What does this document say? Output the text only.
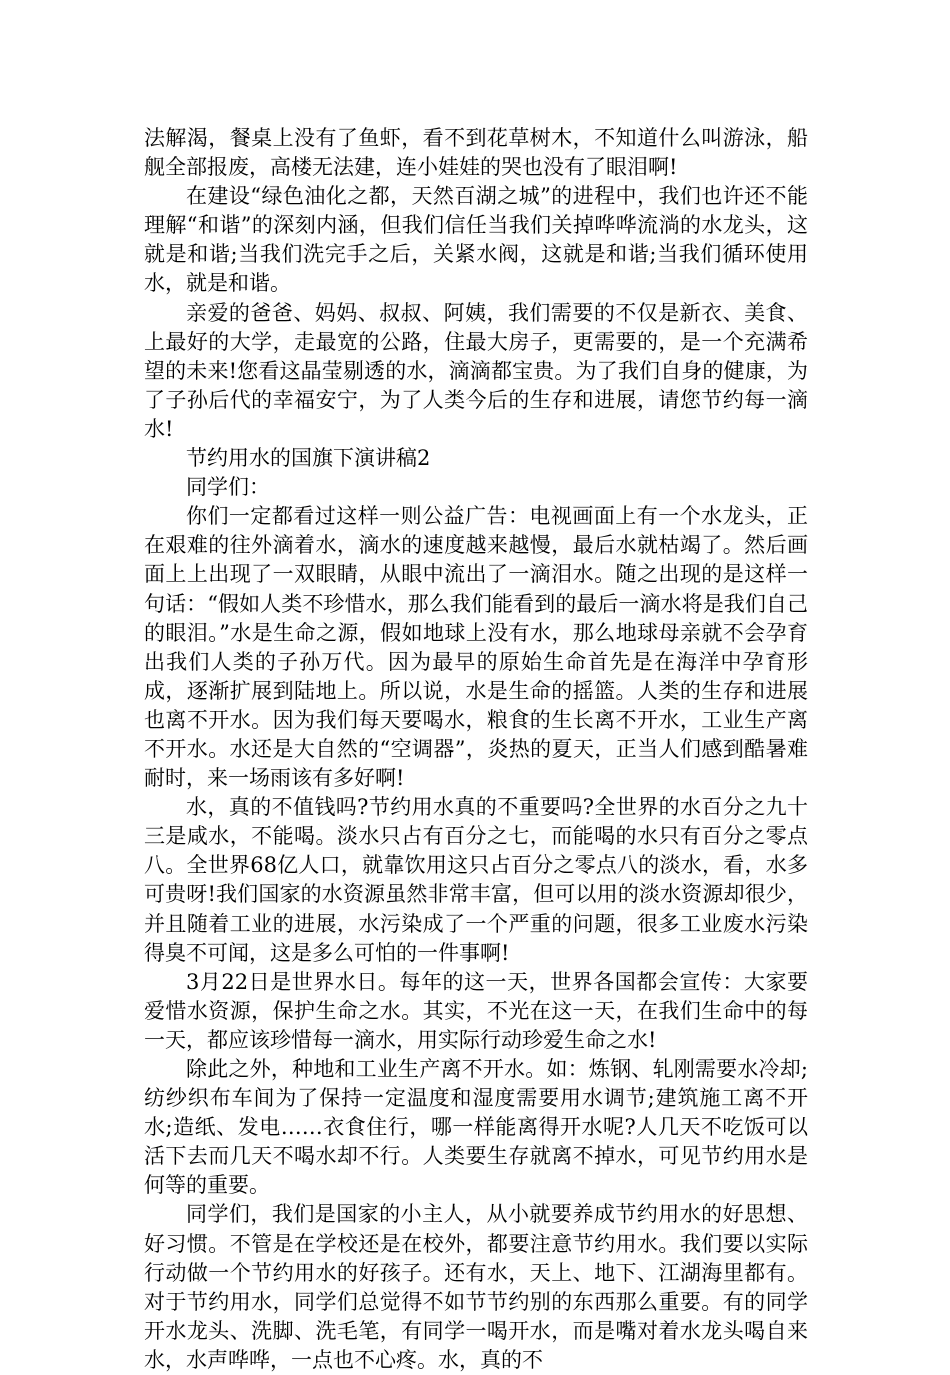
法解渴，餐桌上没有了鱼虾，看不到花草树木，不知道什么叫游泳，船舰全部报废，高楼无法建，连小娃娃的哭也没有了眼泪啊!

在建设“绿色油化之都，天然百湖之城”的进程中，我们也许还不能理解“和谐”的深刻内涵，但我们信任当我们关掉哗哗流淌的水龙头，这就是和谐;当我们洗完手之后，关紧水阀，这就是和谐;当我们循环使用水，就是和谐。

亲爱的爸爸、妈妈、叔叔、阿姨，我们需要的不仅是新衣、美食、上最好的大学，走最宽的公路，住最大房子，更需要的，是一个充满希望的未来!您看这晶莹剔透的水，滴滴都宝贵。为了我们自身的健康，为了子孙后代的幸福安宁，为了人类今后的生存和进展，请您节约每一滴水!

节约用水的国旗下演讲稿2

同学们：

你们一定都看过这样一则公益广告：电视画面上有一个水龙头，正在艰难的往外滴着水，滴水的速度越来越慢，最后水就枯竭了。然后画面上上出现了一双眼睛，从眼中流出了一滴泪水。随之出现的是这样一句话：“假如人类不珍惜水，那么我们能看到的最后一滴水将是我们自己的眼泪。”水是生命之源，假如地球上没有水，那么地球母亲就不会孕育出我们人类的子孙万代。因为最早的原始生命首先是在海洋中孕育形成，逐渐扩展到陆地上。所以说，水是生命的摇篮。人类的生存和进展也离不开水。因为我们每天要喝水，粮食的生长离不开水，工业生产离不开水。水还是大自然的“空调器”，炎热的夏天，正当人们感到酷暑难耐时，来一场雨该有多好啊!

水，真的不值钱吗?节约用水真的不重要吗?全世界的水百分之九十三是咸水，不能喝。淡水只占有百分之七，而能喝的水只有百分之零点八。全世界68亿人口，就靠饮用这只占百分之零点八的淡水，看，水多可贵呀!我们国家的水资源虽然非常丰富，但可以用的淡水资源却很少，并且随着工业的进展，水污染成了一个严重的问题，很多工业废水污染得臭不可闻，这是多么可怕的一件事啊!

3月22日是世界水日。每年的这一天，世界各国都会宣传：大家要爱惜水资源，保护生命之水。其实，不光在这一天，在我们生命中的每一天，都应该珍惜每一滴水，用实际行动珍爱生命之水!

除此之外，种地和工业生产离不开水。如：炼钢、轧刚需要水冷却;纺纱织布车间为了保持一定温度和湿度需要用水调节;建筑施工离不开水;造纸、发电……衣食住行，哪一样能离得开水呢?人几天不吃饭可以活下去而几天不喝水却不行。人类要生存就离不掉水，可见节约用水是何等的重要。

同学们，我们是国家的小主人，从小就要养成节约用水的好思想、好习惯。不管是在学校还是在校外，都要注意节约用水。我们要以实际行动做一个节约用水的好孩子。还有水，天上、地下、江湖海里都有。对于节约用水，同学们总觉得不如节节约别的东西那么重要。有的同学开水龙头、洗脚、洗毛笔，有同学一喝开水，而是嘴对着水龙头喝自来水，水声哗哗，一点也不心疼。水，真的不
